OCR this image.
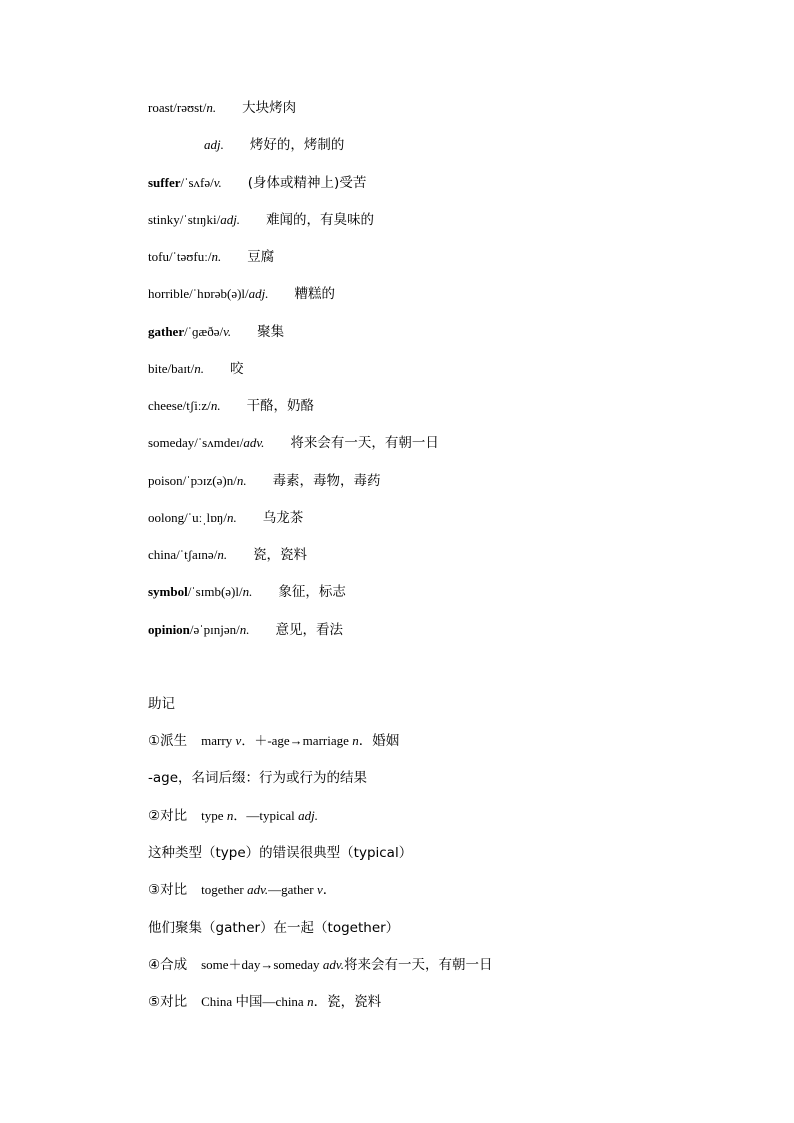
roast/rəʊst/n. 大块烤肉
adj. 烤好的，烤制的
suffer/ˈsʌfə/v. (身体或精神上)受苦
stinky/ˈstɪŋki/adj. 难闻的，有臭味的
tofu/ˈtəʊfuː/n. 豆腐
horrible/ˈhɒrəb(ə)l/adj. 糟糕的
gather/ˈɡæðə/v. 聚集
bite/baɪt/n. 咬
cheese/tʃiːz/n. 干酪，奶酪
someday/ˈsʌmdeɪ/adv. 将来会有一天，有朝一日
poison/ˈpɔɪz(ə)n/n. 毒素，毒物，毒药
oolong/ˈuːˌlɒŋ/n. 乌龙茶
china/ˈtʃaɪnə/n. 瓷，瓷料
symbol/ˈsɪmb(ə)l/n. 象征，标志
opinion/əˈpɪnjən/n. 意见，看法
助记
①派生 marry v．＋-age→marriage n．婚姻
-age，名词后缀：行为或行为的结果
②对比 type n．—typical adj.
这种类型（type）的错误很典型（typical）
③对比 together adv.—gather v．
他们聚集（gather）在一起（together）
④合成 some＋day→someday adv.将来会有一天，有朝一日
⑤对比 China 中国—china n．瓷，瓷料
